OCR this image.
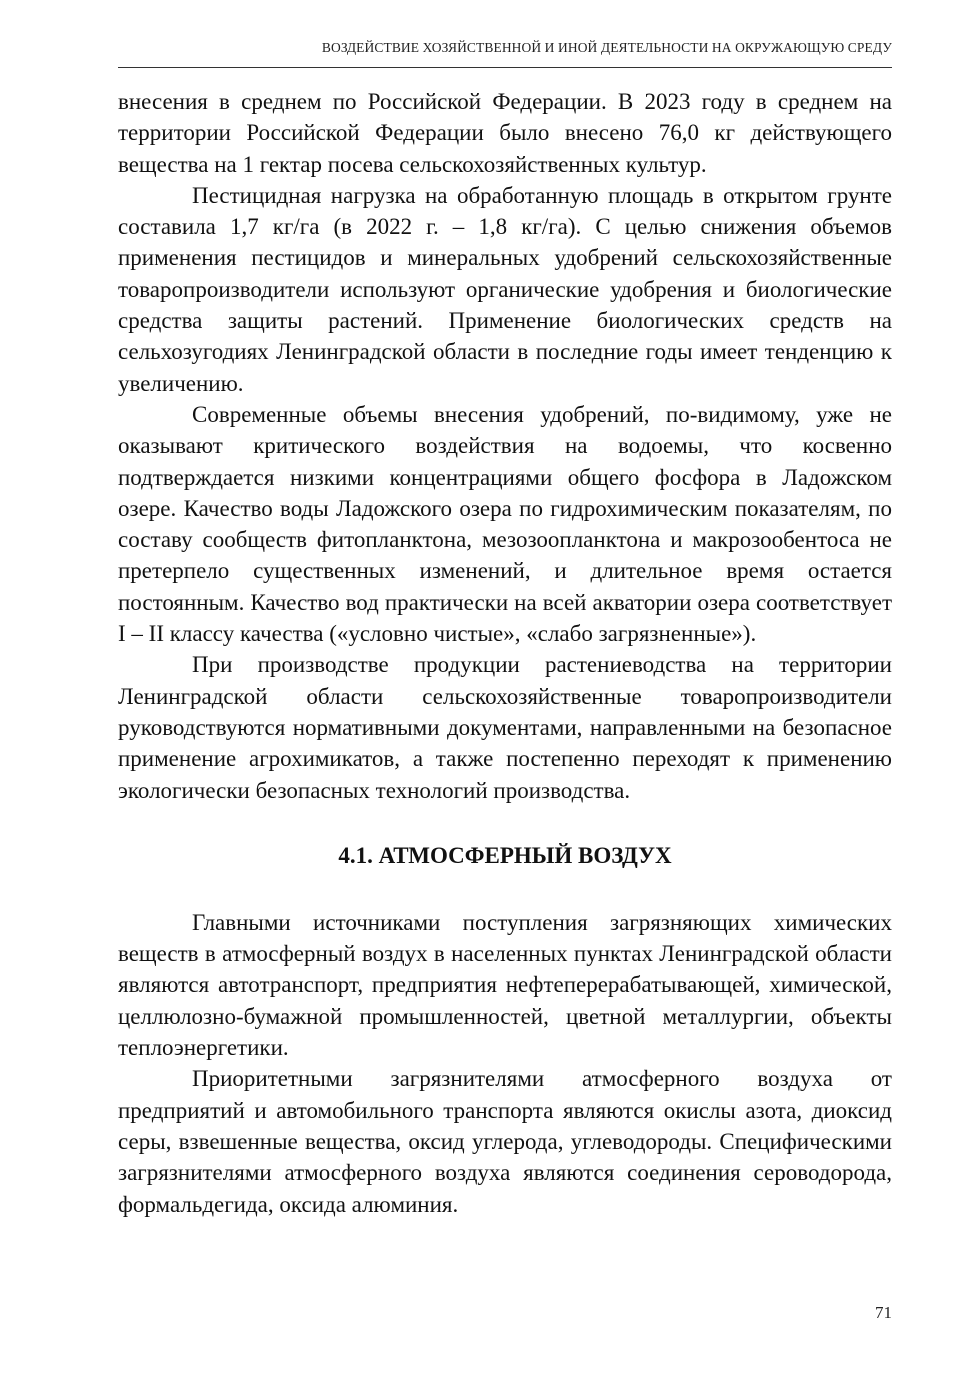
ВОЗДЕЙСТВИЕ ХОЗЯЙСТВЕННОЙ И ИНОЙ ДЕЯТЕЛЬНОСТИ НА ОКРУЖАЮЩУЮ СРЕДУ

внесения в среднем по Российской Федерации. В 2023 году в среднем на территории Российской Федерации было внесено 76,0 кг действующего вещества на 1 гектар посева сельскохозяйственных культур.

Пестицидная нагрузка на обработанную площадь в открытом грунте составила 1,7 кг/га (в 2022 г. – 1,8 кг/га). С целью снижения объемов применения пестицидов и минеральных удобрений сельскохозяйственные товаропроизводители используют органические удобрения и биологические средства защиты растений. Применение биологических средств на сельхозугодиях Ленинградской области в последние годы имеет тенденцию к увеличению.

Современные объемы внесения удобрений, по-видимому, уже не оказывают критического воздействия на водоемы, что косвенно подтверждается низкими концентрациями общего фосфора в Ладожском озере. Качество воды Ладожского озера по гидрохимическим показателям, по составу сообществ фитопланктона, мезозоопланктона и макрозообентоса не претерпело существенных изменений, и длительное время остается постоянным. Качество вод практически на всей акватории озера соответствует I – II классу качества («условно чистые», «слабо загрязненные»).

При производстве продукции растениеводства на территории Ленинградской области сельскохозяйственные товаропроизводители руководствуются нормативными документами, направленными на безопасное применение агрохимикатов, а также постепенно переходят к применению экологически безопасных технологий производства.

4.1. АТМОСФЕРНЫЙ ВОЗДУХ

Главными источниками поступления загрязняющих химических веществ в атмосферный воздух в населенных пунктах Ленинградской области являются автотранспорт, предприятия нефтеперерабатывающей, химической, целлюлозно-бумажной промышленностей, цветной металлургии, объекты теплоэнергетики.

Приоритетными загрязнителями атмосферного воздуха от предприятий и автомобильного транспорта являются окислы азота, диоксид серы, взвешенные вещества, оксид углерода, углеводороды. Специфическими загрязнителями атмосферного воздуха являются соединения сероводорода, формальдегида, оксида алюминия.

71
